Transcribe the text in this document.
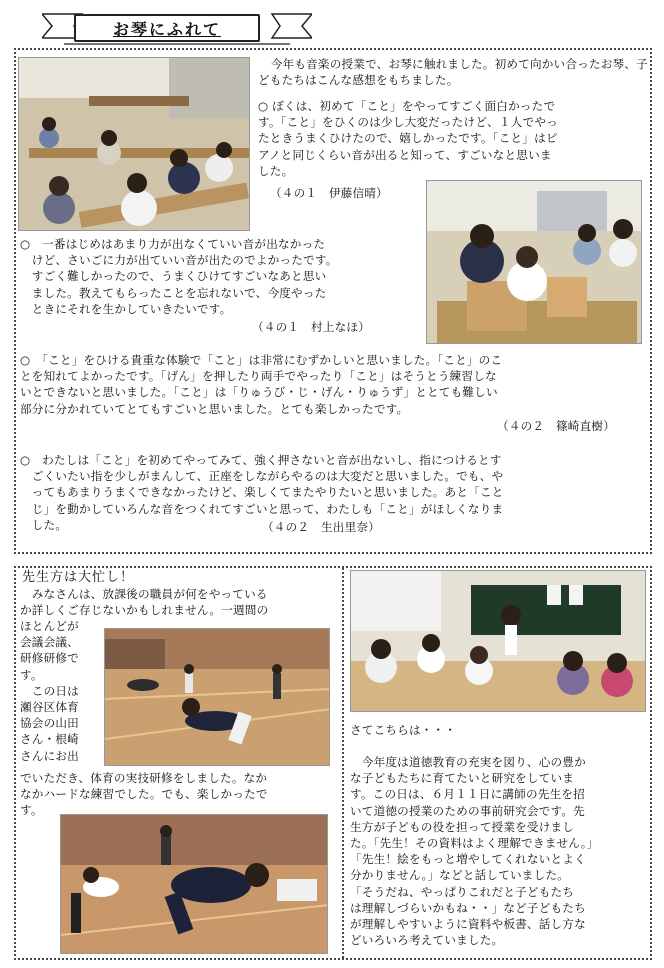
お琴にふれて
今年も音楽の授業で、お琴に触れました。初めて向かい合ったお琴、子どもたちはこんな感想をもちました。

○ ぼくは、初めて「こと」をやってすごく面白かったで

す。「こと」をひくのは少し大変だったけど、１人でやっ

たときうまくひけたので、嬉しかったです。「こと」はピ

アノと同じくらい音が出ると知って、すごいなと思いま

した。

（４の１　伊藤信晴）

○　一番はじめはあまり力が出なくていい音が出なかった

　けど、さいごに力が出ていい音が出たのでよかったです。

　すごく難しかったので、うまくひけてすごいなあと思い

　ました。教えてもらったことを忘れないで、今度やった

　ときにそれを生かしていきたいです。

（４の１　村上なほ）

○　「こと」をひける貴重な体験で「こと」は非常にむずかしいと思いました。「こと」のこ

とを知れてよかったです。「げん」を押したり両手でやったり「こと」はそうとう練習しな

いとできないと思いました。「こと」は「りゅうび・じ・げん・りゅうず」ととても難しい

部分に分かれていてとてもすごいと思いました。とても楽しかったです。

（４の２　篠崎直樹）

○　わたしは「こと」を初めてやってみて、強く押さないと音が出ないし、指につけるとす

　ごくいたい指を少しがまんして、正座をしながらやるのは大変だと思いました。でも、や

　ってもあまりうまくできなかったけど、楽しくてまたやりたいと思いました。あと「こと

　じ」を動かしていろんな音をつくれてすごいと思って、わたしも「こと」がほしくなりま

　した。	（４の２　生出里奈）
先生方は大忙し！

　みなさんは、放課後の職員が何をやっている

か詳しくご存じないかもしれません。一週間の

ほとんどが

会議会議、

研修研修で

す。

　この日は

瀬谷区体育

協会の山田

さん・根崎

さんにお出

でいただき、体育の実技研修をしました。なか

なかハードな練習でした。でも、楽しかったで

す。

さてこちらは・・・

　今年度は道徳教育の充実を図り、心の豊か

な子どもたちに育てたいと研究をしていま

す。この日は、６月１１日に講師の先生を招

いて道徳の授業のための事前研究会です。先

生方が子どもの役を担って授業を受けまし

た。｢先生！その資料はよく理解できません。｣

「先生！絵をもっと増やしてくれないとよく

分かりません。」などと話していました。

「そうだね、やっぱりこれだと子どもたち

は理解しづらいかもね・・」など子どもたち

が理解しやすいように資料や板書、話し方な

どいろいろ考えていました。
